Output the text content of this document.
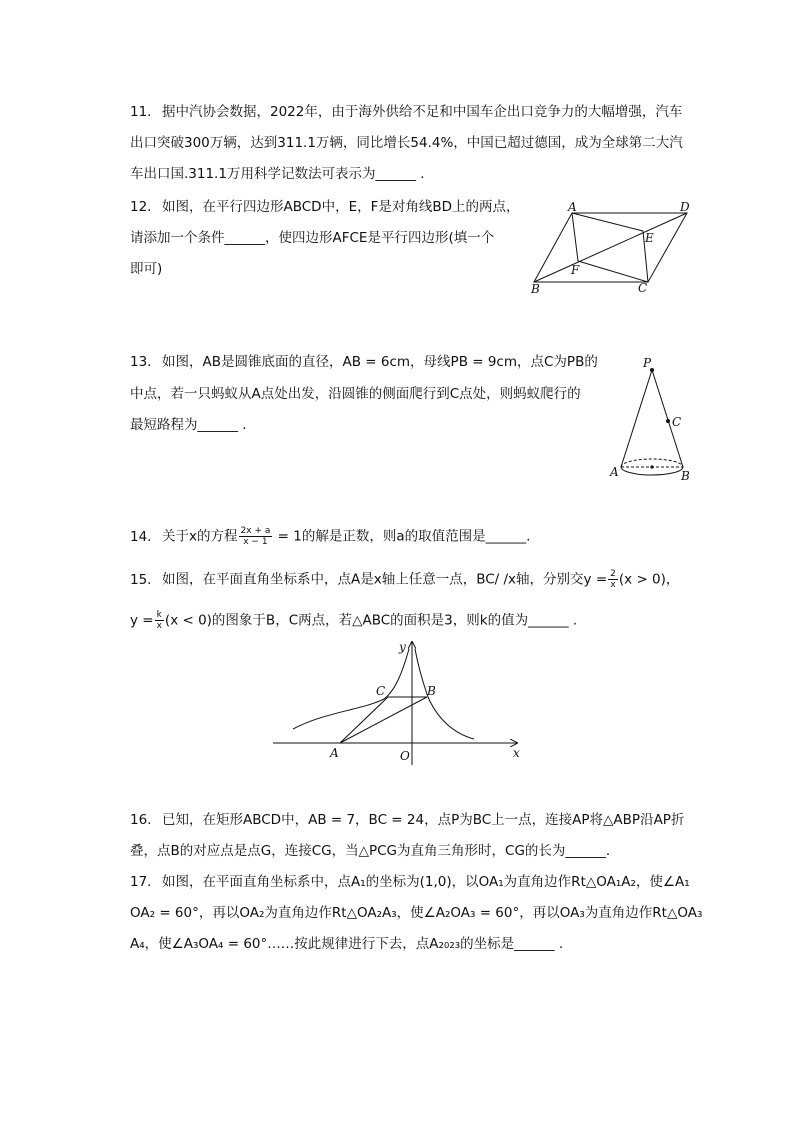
11. 据中汽协会数据，2022年，由于海外供给不足和中国车企出口竞争力的大幅增强，汽车
出口突破300万辆，达到311.1万辆，同比增长54.4%，中国已超过德国，成为全球第二大汽
车出口国.311.1万用科学记数法可表示为______ .
12. 如图，在平行四边形ABCD中，E，F是对角线BD上的两点，
请添加一个条件______，使四边形AFCE是平行四边形(填一个
即可)
A	D
E
F
B	C
13. 如图，AB是圆锥底面的直径，AB = 6cm，母线PB = 9cm，点C为PB的
中点，若一只蚂蚁从A点处出发，沿圆锥的侧面爬行到C点处，则蚂蚁爬行的
最短路程为______ .
P
C
A	B
14. 关于x的方程 $\frac{2x + a}{x - 1} = 1$的解是正数，则a的取值范围是______.
15. 如图，在平面直角坐标系中，点A是x轴上任意一点，BC/ /x轴，分别交$y = \frac{2}{x} (x > 0)$，
$y = \frac{k}{x} (x < 0)$的图象于B，C两点，若△ABC的面积是3，则k的值为______ .
y
x
O
A
C	B
16. 已知，在矩形ABCD中，AB = 7，BC = 24，点P为BC上一点，连接AP将△ABP沿AP折
叠，点B的对应点是点G，连接CG，当△PCG为直角三角形时，CG的长为______.
17. 如图，在平面直角坐标系中，点A₁的坐标为(1,0)，以OA₁为直角边作Rt△OA₁A₂，使∠A₁
OA₂ = 60°，再以OA₂为直角边作Rt△OA₂A₃，使∠A₂OA₃ = 60°，再以OA₃为直角边作Rt△OA₃
A₄，使∠A₃OA₄ = 60°……按此规律进行下去，点A₂₀₂₃的坐标是______ .
